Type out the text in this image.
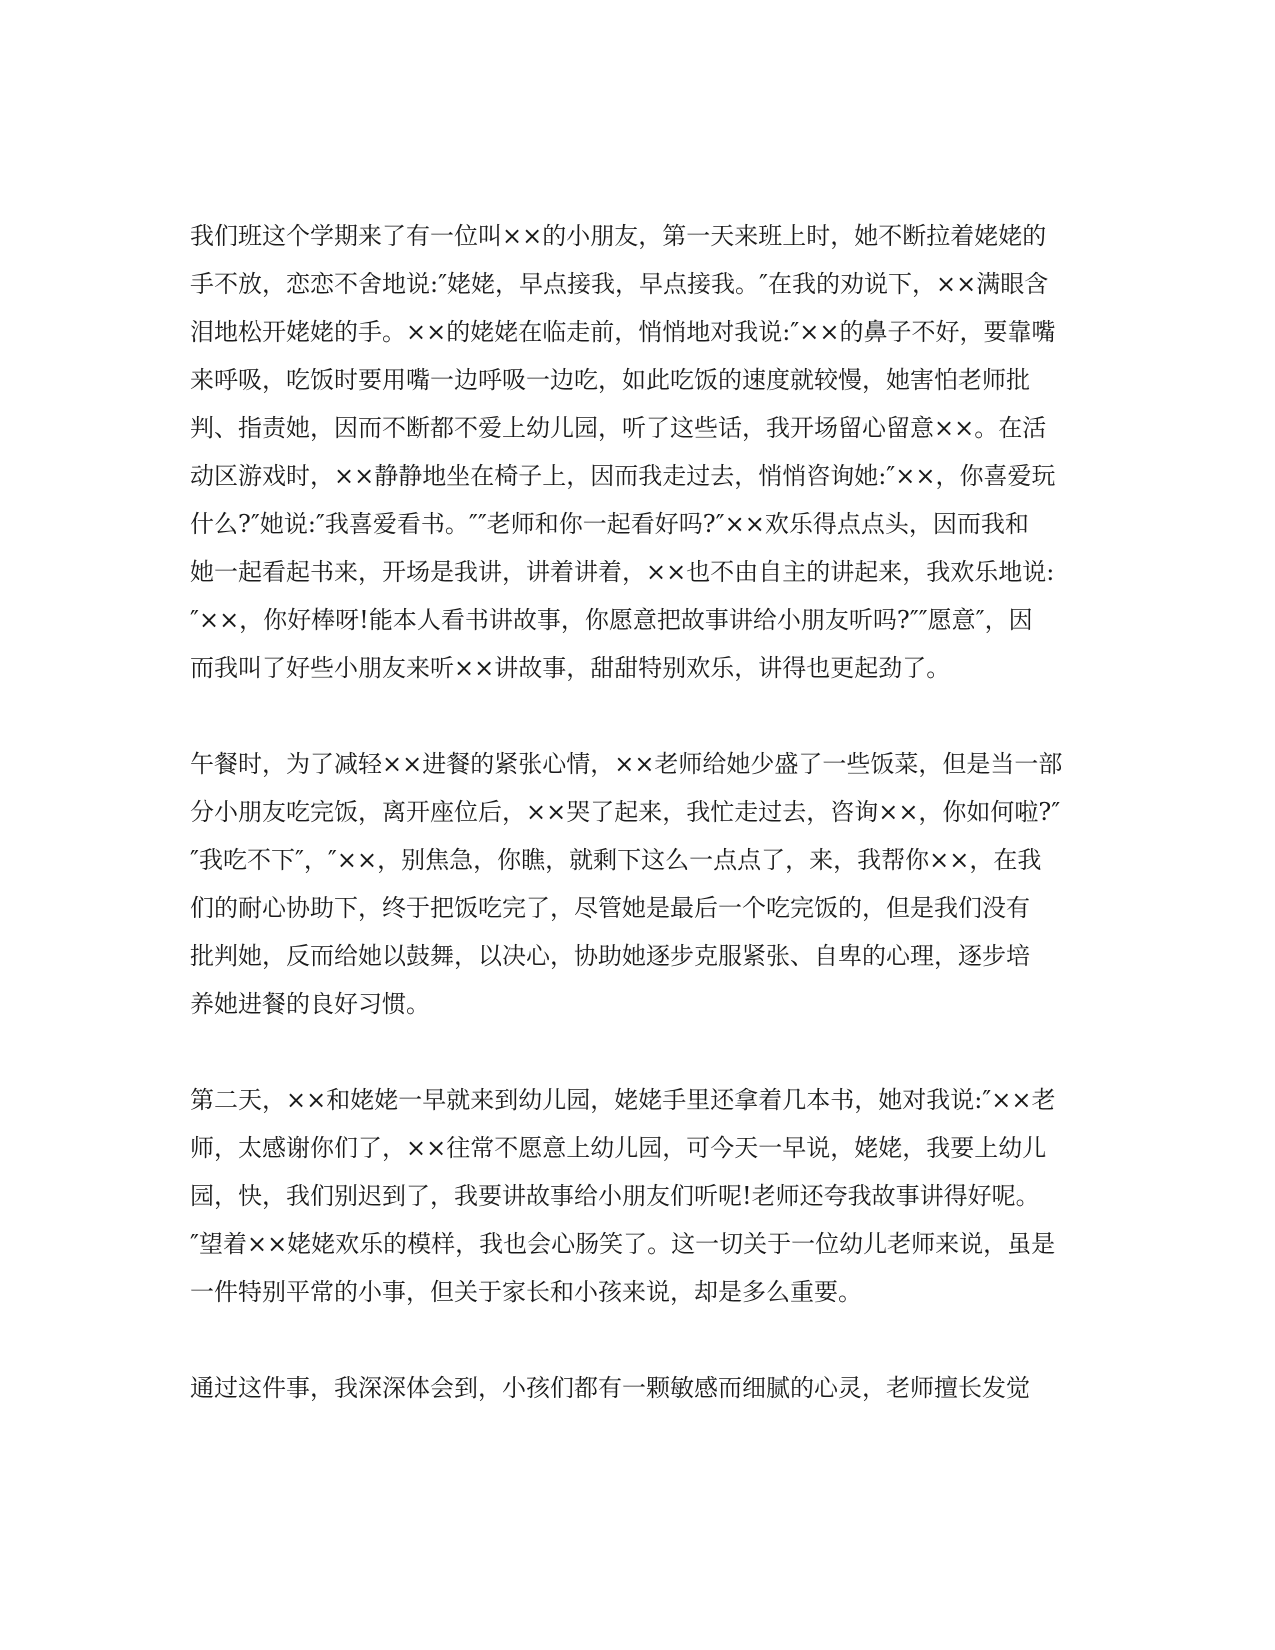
我们班这个学期来了有一位叫××的小朋友，第一天来班上时，她不断拉着姥姥的
手不放，恋恋不舍地说:″姥姥，早点接我，早点接我。″在我的劝说下，××满眼含
泪地松开姥姥的手。××的姥姥在临走前，悄悄地对我说:″××的鼻子不好，要靠嘴
来呼吸，吃饭时要用嘴一边呼吸一边吃，如此吃饭的速度就较慢，她害怕老师批
判、指责她，因而不断都不爱上幼儿园，听了这些话，我开场留心留意××。在活
动区游戏时，××静静地坐在椅子上，因而我走过去，悄悄咨询她:″××，你喜爱玩
什么?″她说:″我喜爱看书。″″老师和你一起看好吗?″××欢乐得点点头，因而我和
她一起看起书来，开场是我讲，讲着讲着，××也不由自主的讲起来，我欢乐地说:
″××，你好棒呀!能本人看书讲故事，你愿意把故事讲给小朋友听吗?″″愿意″，因
而我叫了好些小朋友来听××讲故事，甜甜特别欢乐，讲得也更起劲了。

午餐时，为了减轻××进餐的紧张心情，××老师给她少盛了一些饭菜，但是当一部
分小朋友吃完饭，离开座位后，××哭了起来，我忙走过去，咨询××，你如何啦?″
″我吃不下″，″××，别焦急，你瞧，就剩下这么一点点了，来，我帮你××，在我
们的耐心协助下，终于把饭吃完了，尽管她是最后一个吃完饭的，但是我们没有
批判她，反而给她以鼓舞，以决心，协助她逐步克服紧张、自卑的心理，逐步培
养她进餐的良好习惯。

第二天，××和姥姥一早就来到幼儿园，姥姥手里还拿着几本书，她对我说:″××老
师，太感谢你们了，××往常不愿意上幼儿园，可今天一早说，姥姥，我要上幼儿
园，快，我们别迟到了，我要讲故事给小朋友们听呢!老师还夸我故事讲得好呢。
″望着××姥姥欢乐的模样，我也会心肠笑了。这一切关于一位幼儿老师来说，虽是
一件特别平常的小事，但关于家长和小孩来说，却是多么重要。

通过这件事，我深深体会到，小孩们都有一颗敏感而细腻的心灵，老师擅长发觉
